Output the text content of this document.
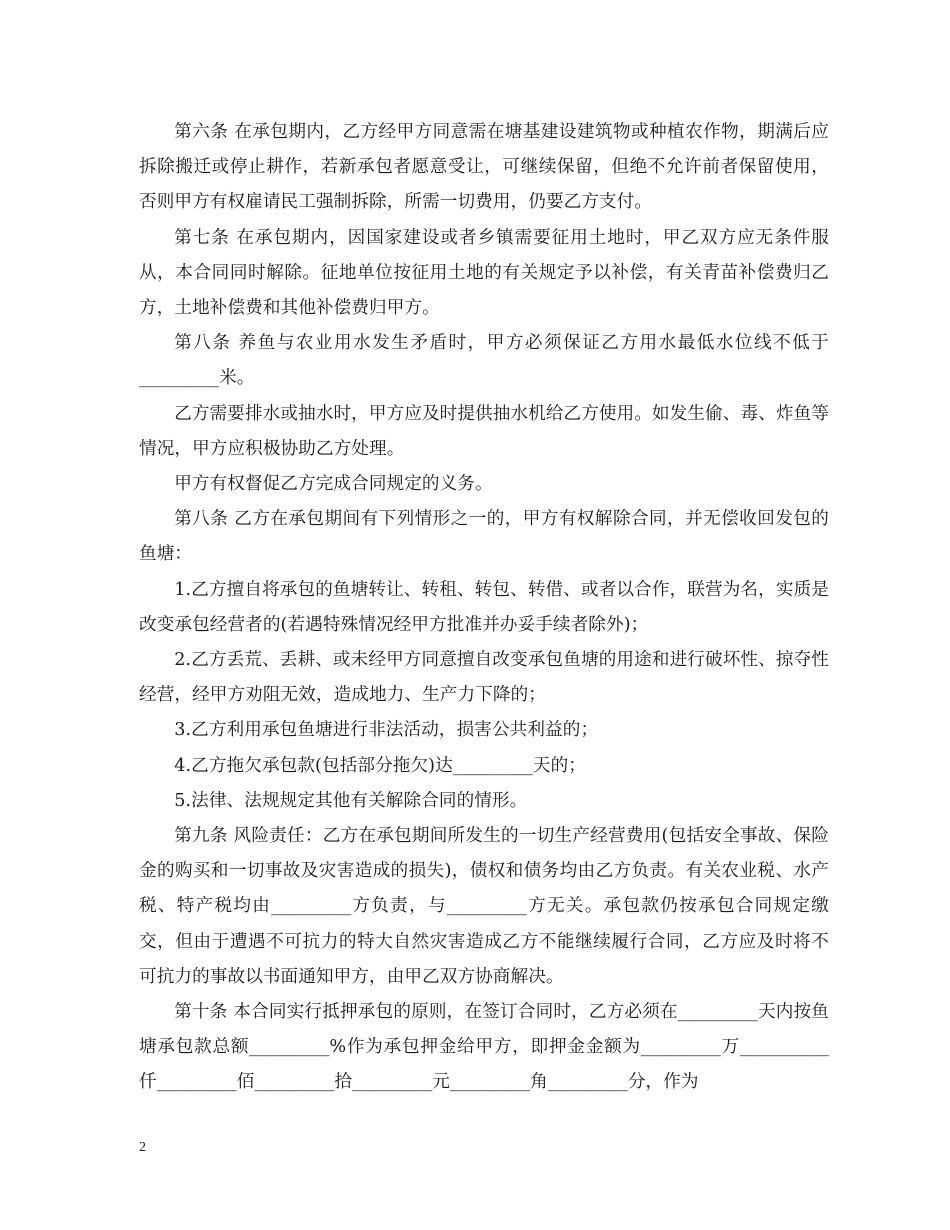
第六条 在承包期内，乙方经甲方同意需在塘基建设建筑物或种植农作物，期满后应拆除搬迁或停止耕作，若新承包者愿意受让，可继续保留，但绝不允许前者保留使用，否则甲方有权雇请民工强制拆除，所需一切费用，仍要乙方支付。

第七条 在承包期内，因国家建设或者乡镇需要征用土地时，甲乙双方应无条件服从，本合同同时解除。征地单位按征用土地的有关规定予以补偿，有关青苗补偿费归乙方，土地补偿费和其他补偿费归甲方。

第八条 养鱼与农业用水发生矛盾时，甲方必须保证乙方用水最低水位线不低于_________米。

乙方需要排水或抽水时，甲方应及时提供抽水机给乙方使用。如发生偷、毒、炸鱼等情况，甲方应积极协助乙方处理。

甲方有权督促乙方完成合同规定的义务。

第八条 乙方在承包期间有下列情形之一的，甲方有权解除合同，并无偿收回发包的鱼塘：

1.乙方擅自将承包的鱼塘转让、转租、转包、转借、或者以合作，联营为名，实质是改变承包经营者的(若遇特殊情况经甲方批准并办妥手续者除外)；

2.乙方丢荒、丢耕、或未经甲方同意擅自改变承包鱼塘的用途和进行破坏性、掠夺性经营，经甲方劝阻无效，造成地力、生产力下降的；

3.乙方利用承包鱼塘进行非法活动，损害公共利益的；

4.乙方拖欠承包款(包括部分拖欠)达_________天的；

5.法律、法规规定其他有关解除合同的情形。

第九条 风险责任：乙方在承包期间所发生的一切生产经营费用(包括安全事故、保险金的购买和一切事故及灾害造成的损失)，债权和债务均由乙方负责。有关农业税、水产税、特产税均由_________方负责，与_________方无关。承包款仍按承包合同规定缴交，但由于遭遇不可抗力的特大自然灾害造成乙方不能继续履行合同，乙方应及时将不可抗力的事故以书面通知甲方，由甲乙双方协商解决。

第十条 本合同实行抵押承包的原则，在签订合同时，乙方必须在_________天内按鱼塘承包款总额_________%作为承包押金给甲方，即押金金额为_________万__________仟_________佰_________拾_________元_________角_________分，作为

2
